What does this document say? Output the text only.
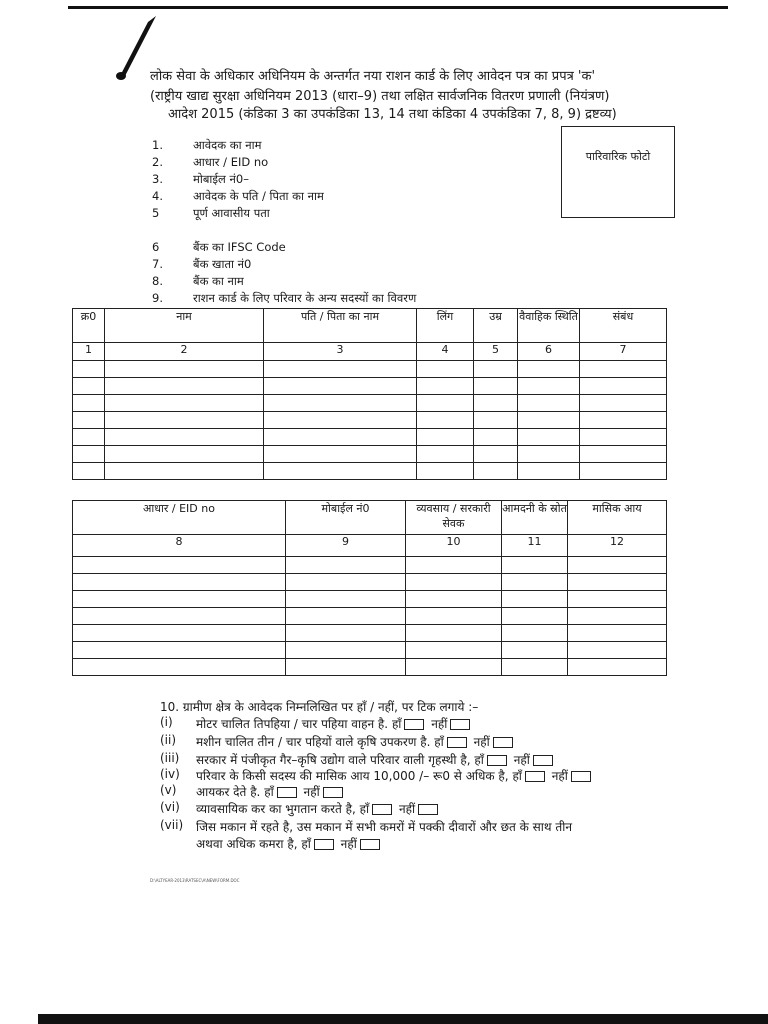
लोक सेवा के अधिकार अधिनियम के अन्तर्गत नया राशन कार्ड के लिए आवेदन पत्र का प्रपत्र 'क'
(राष्ट्रीय खाद्य सुरक्षा अधिनियम 2013 (धारा–9) तथा लक्षित सार्वजनिक वितरण प्रणाली (नियंत्रण)
आदेश 2015 (कंडिका 3 का उपकंडिका 13, 14 तथा कंडिका 4 उपकंडिका 7, 8, 9) द्रष्टव्य)
पारिवारिक फोटो
1.	आवेदक का नाम
2.	आधार / EID no
3.	मोबाईल नं0–
4.	आवेदक के पति / पिता का नाम
5	पूर्ण आवासीय पता
6	बैंक का IFSC Code
7.	बैंक खाता नं0
8.	बैंक का नाम
9.	राशन कार्ड के लिए परिवार के अन्य सदस्यों का विवरण
क्र0	नाम	पति / पिता का नाम	लिंग	उम्र	वैवाहिक स्थिति	संबंध
1	2	3	4	5	6	7

आधार / EID no	मोबाईल नं0	व्यवसाय / सरकारी सेवक	आमदनी के स्रोत	मासिक आय
8	9	10	11	12

10. ग्रामीण क्षेत्र के आवेदक निम्नलिखित पर हॉं / नहीं, पर टिक लगाये :–
(i) मोटर चालित तिपहिया / चार पहिया वाहन है. हॉं नहीं
(ii) मशीन चालित तीन / चार पहियों वाले कृषि उपकरण है. हॉं नहीं
(iii) सरकार में पंजीकृत गैर–कृषि उद्योग वाले परिवार वाली गृहस्थी है, हॉं नहीं
(iv) परिवार के किसी सदस्य की मासिक आय 10,000 /– रू0 से अधिक है, हॉं नहीं
(v) आयकर देते है. हॉं नहीं
(vi) व्यावसायिक कर का भुगतान करते है, हॉं नहीं
(vii) जिस मकान में रहते है, उस मकान में सभी कमरों में पक्की दीवारों और छत के साथ तीन
अथवा अधिक कमरा है, हॉं नहीं
D:\ALTYEAR-2013\RATSEC\A\NEW\FORM.DOC
